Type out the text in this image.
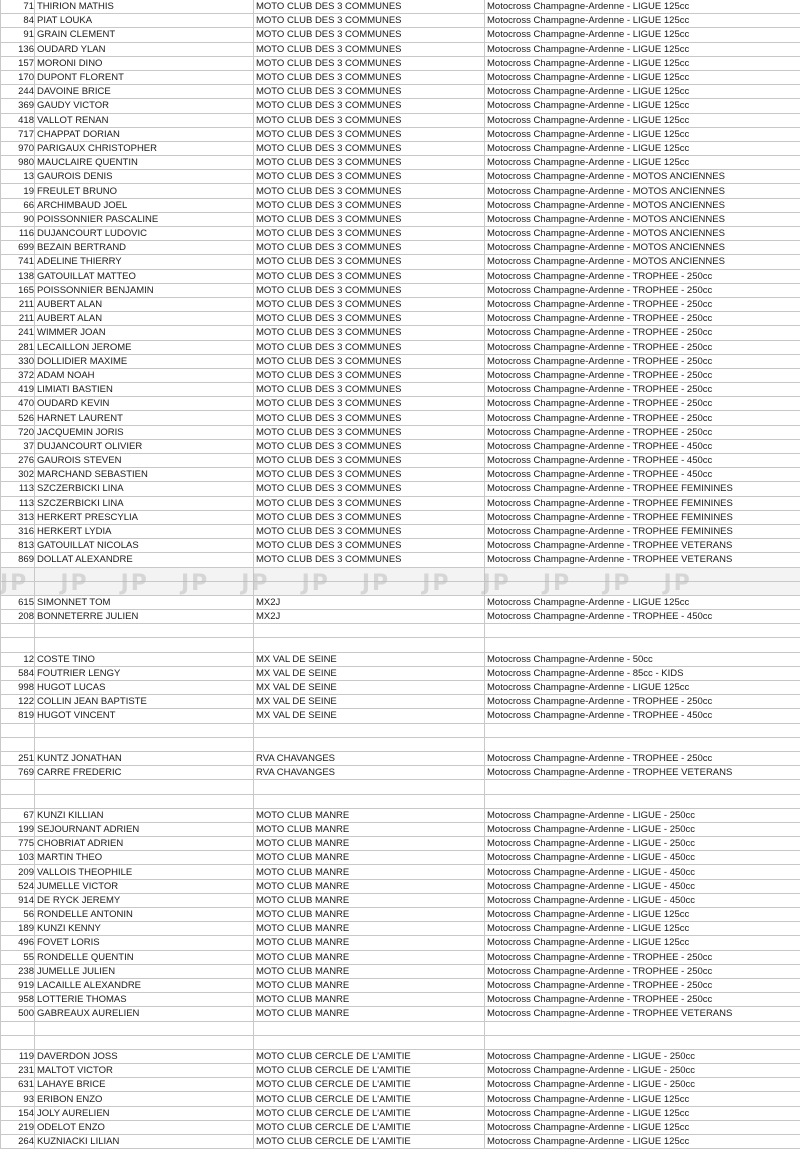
71	THIRION MATHIS	MOTO CLUB DES 3 COMMUNES	Motocross Champagne-Ardenne - LIGUE 125cc
84	PIAT LOUKA	MOTO CLUB DES 3 COMMUNES	Motocross Champagne-Ardenne - LIGUE 125cc
91	GRAIN CLEMENT	MOTO CLUB DES 3 COMMUNES	Motocross Champagne-Ardenne - LIGUE 125cc
136	OUDARD YLAN	MOTO CLUB DES 3 COMMUNES	Motocross Champagne-Ardenne - LIGUE 125cc
157	MORONI DINO	MOTO CLUB DES 3 COMMUNES	Motocross Champagne-Ardenne - LIGUE 125cc
170	DUPONT FLORENT	MOTO CLUB DES 3 COMMUNES	Motocross Champagne-Ardenne - LIGUE 125cc
244	DAVOINE BRICE	MOTO CLUB DES 3 COMMUNES	Motocross Champagne-Ardenne - LIGUE 125cc
369	GAUDY VICTOR	MOTO CLUB DES 3 COMMUNES	Motocross Champagne-Ardenne - LIGUE 125cc
418	VALLOT RENAN	MOTO CLUB DES 3 COMMUNES	Motocross Champagne-Ardenne - LIGUE 125cc
717	CHAPPAT DORIAN	MOTO CLUB DES 3 COMMUNES	Motocross Champagne-Ardenne - LIGUE 125cc
970	PARIGAUX CHRISTOPHER	MOTO CLUB DES 3 COMMUNES	Motocross Champagne-Ardenne - LIGUE 125cc
980	MAUCLAIRE QUENTIN	MOTO CLUB DES 3 COMMUNES	Motocross Champagne-Ardenne - LIGUE 125cc
13	GAUROIS DENIS	MOTO CLUB DES 3 COMMUNES	Motocross Champagne-Ardenne - MOTOS ANCIENNES
19	FREULET BRUNO	MOTO CLUB DES 3 COMMUNES	Motocross Champagne-Ardenne - MOTOS ANCIENNES
66	ARCHIMBAUD JOEL	MOTO CLUB DES 3 COMMUNES	Motocross Champagne-Ardenne - MOTOS ANCIENNES
90	POISSONNIER PASCALINE	MOTO CLUB DES 3 COMMUNES	Motocross Champagne-Ardenne - MOTOS ANCIENNES
116	DUJANCOURT LUDOVIC	MOTO CLUB DES 3 COMMUNES	Motocross Champagne-Ardenne - MOTOS ANCIENNES
699	BEZAIN BERTRAND	MOTO CLUB DES 3 COMMUNES	Motocross Champagne-Ardenne - MOTOS ANCIENNES
741	ADELINE THIERRY	MOTO CLUB DES 3 COMMUNES	Motocross Champagne-Ardenne - MOTOS ANCIENNES
138	GATOUILLAT MATTEO	MOTO CLUB DES 3 COMMUNES	Motocross Champagne-Ardenne - TROPHEE - 250cc
165	POISSONNIER BENJAMIN	MOTO CLUB DES 3 COMMUNES	Motocross Champagne-Ardenne - TROPHEE - 250cc
211	AUBERT ALAN	MOTO CLUB DES 3 COMMUNES	Motocross Champagne-Ardenne - TROPHEE - 250cc
211	AUBERT ALAN	MOTO CLUB DES 3 COMMUNES	Motocross Champagne-Ardenne - TROPHEE - 250cc
241	WIMMER JOAN	MOTO CLUB DES 3 COMMUNES	Motocross Champagne-Ardenne - TROPHEE - 250cc
281	LECAILLON JEROME	MOTO CLUB DES 3 COMMUNES	Motocross Champagne-Ardenne - TROPHEE - 250cc
330	DOLLIDIER MAXIME	MOTO CLUB DES 3 COMMUNES	Motocross Champagne-Ardenne - TROPHEE - 250cc
372	ADAM NOAH	MOTO CLUB DES 3 COMMUNES	Motocross Champagne-Ardenne - TROPHEE - 250cc
419	LIMIATI BASTIEN	MOTO CLUB DES 3 COMMUNES	Motocross Champagne-Ardenne - TROPHEE - 250cc
470	OUDARD KEVIN	MOTO CLUB DES 3 COMMUNES	Motocross Champagne-Ardenne - TROPHEE - 250cc
526	HARNET LAURENT	MOTO CLUB DES 3 COMMUNES	Motocross Champagne-Ardenne - TROPHEE - 250cc
720	JACQUEMIN JORIS	MOTO CLUB DES 3 COMMUNES	Motocross Champagne-Ardenne - TROPHEE - 250cc
37	DUJANCOURT OLIVIER	MOTO CLUB DES 3 COMMUNES	Motocross Champagne-Ardenne - TROPHEE - 450cc
276	GAUROIS STEVEN	MOTO CLUB DES 3 COMMUNES	Motocross Champagne-Ardenne - TROPHEE - 450cc
302	MARCHAND SEBASTIEN	MOTO CLUB DES 3 COMMUNES	Motocross Champagne-Ardenne - TROPHEE - 450cc
113	SZCZERBICKI LINA	MOTO CLUB DES 3 COMMUNES	Motocross Champagne-Ardenne - TROPHEE FEMININES
113	SZCZERBICKI LINA	MOTO CLUB DES 3 COMMUNES	Motocross Champagne-Ardenne - TROPHEE FEMININES
313	HERKERT PRESCYLIA	MOTO CLUB DES 3 COMMUNES	Motocross Champagne-Ardenne - TROPHEE FEMININES
316	HERKERT LYDIA	MOTO CLUB DES 3 COMMUNES	Motocross Champagne-Ardenne - TROPHEE FEMININES
813	GATOUILLAT NICOLAS	MOTO CLUB DES 3 COMMUNES	Motocross Champagne-Ardenne - TROPHEE VETERANS
869	DOLLAT ALEXANDRE	MOTO CLUB DES 3 COMMUNES	Motocross Champagne-Ardenne - TROPHEE VETERANS

615	SIMONNET TOM	MX2J	Motocross Champagne-Ardenne - LIGUE 125cc
208	BONNETERRE JULIEN	MX2J	Motocross Champagne-Ardenne - TROPHEE - 450cc

12	COSTE TINO	MX VAL DE SEINE	Motocross Champagne-Ardenne - 50cc
584	FOUTRIER LENGY	MX VAL DE SEINE	Motocross Champagne-Ardenne - 85cc - KIDS
998	HUGOT LUCAS	MX VAL DE SEINE	Motocross Champagne-Ardenne - LIGUE 125cc
122	COLLIN JEAN BAPTISTE	MX VAL DE SEINE	Motocross Champagne-Ardenne - TROPHEE - 250cc
819	HUGOT VINCENT	MX VAL DE SEINE	Motocross Champagne-Ardenne - TROPHEE - 450cc

251	KUNTZ JONATHAN	RVA CHAVANGES	Motocross Champagne-Ardenne - TROPHEE - 250cc
769	CARRE FREDERIC	RVA CHAVANGES	Motocross Champagne-Ardenne - TROPHEE VETERANS

67	KUNZI KILLIAN	MOTO CLUB MANRE	Motocross Champagne-Ardenne - LIGUE - 250cc
199	SEJOURNANT ADRIEN	MOTO CLUB MANRE	Motocross Champagne-Ardenne - LIGUE - 250cc
775	CHOBRIAT ADRIEN	MOTO CLUB MANRE	Motocross Champagne-Ardenne - LIGUE - 250cc
103	MARTIN THEO	MOTO CLUB MANRE	Motocross Champagne-Ardenne - LIGUE - 450cc
209	VALLOIS THEOPHILE	MOTO CLUB MANRE	Motocross Champagne-Ardenne - LIGUE - 450cc
524	JUMELLE VICTOR	MOTO CLUB MANRE	Motocross Champagne-Ardenne - LIGUE - 450cc
914	DE RYCK JEREMY	MOTO CLUB MANRE	Motocross Champagne-Ardenne - LIGUE - 450cc
56	RONDELLE ANTONIN	MOTO CLUB MANRE	Motocross Champagne-Ardenne - LIGUE 125cc
189	KUNZI KENNY	MOTO CLUB MANRE	Motocross Champagne-Ardenne - LIGUE 125cc
496	FOVET LORIS	MOTO CLUB MANRE	Motocross Champagne-Ardenne - LIGUE 125cc
55	RONDELLE QUENTIN	MOTO CLUB MANRE	Motocross Champagne-Ardenne - TROPHEE - 250cc
238	JUMELLE JULIEN	MOTO CLUB MANRE	Motocross Champagne-Ardenne - TROPHEE - 250cc
919	LACAILLE ALEXANDRE	MOTO CLUB MANRE	Motocross Champagne-Ardenne - TROPHEE - 250cc
958	LOTTERIE THOMAS	MOTO CLUB MANRE	Motocross Champagne-Ardenne - TROPHEE - 250cc
500	GABREAUX AURELIEN	MOTO CLUB MANRE	Motocross Champagne-Ardenne - TROPHEE VETERANS

119	DAVERDON JOSS	MOTO CLUB CERCLE DE L'AMITIE	Motocross Champagne-Ardenne - LIGUE - 250cc
231	MALTOT VICTOR	MOTO CLUB CERCLE DE L'AMITIE	Motocross Champagne-Ardenne - LIGUE - 250cc
631	LAHAYE BRICE	MOTO CLUB CERCLE DE L'AMITIE	Motocross Champagne-Ardenne - LIGUE - 250cc
93	ERIBON ENZO	MOTO CLUB CERCLE DE L'AMITIE	Motocross Champagne-Ardenne - LIGUE 125cc
154	JOLY AURELIEN	MOTO CLUB CERCLE DE L'AMITIE	Motocross Champagne-Ardenne - LIGUE 125cc
219	ODELOT ENZO	MOTO CLUB CERCLE DE L'AMITIE	Motocross Champagne-Ardenne - LIGUE 125cc
264	KUZNIACKI LILIAN	MOTO CLUB CERCLE DE L'AMITIE	Motocross Champagne-Ardenne - LIGUE 125cc
JP JP JP JP JP JP JP JP JP JP JP JP
